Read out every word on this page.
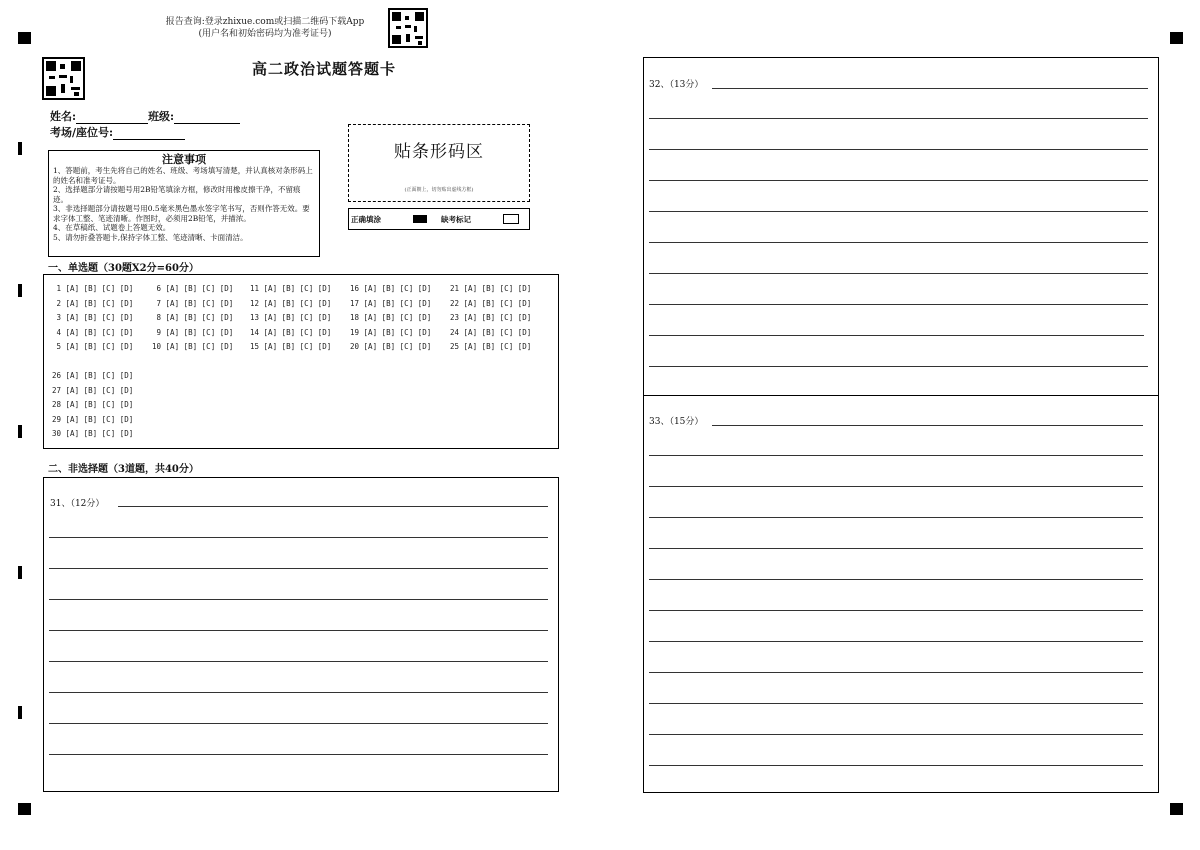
报告查询:登录zhixue.com或扫描二维码下载App
(用户名和初始密码均为准考证号)
高二政治试题答题卡
姓名:	班级:
考场/座位号:
注意事项

1、答题前，考生先将自己的姓名、班级、考场填写清楚，并认真核对条形码上的姓名和准考证号。

2、选择题部分请按题号用2B铅笔填涂方框，修改时用橡皮擦干净，不留痕迹。

3、非选择题部分请按题号用0.5毫米黑色墨水签字笔书写，否则作答无效。要求字体工整、笔迹清晰。作图时，必须用2B铅笔，并描浓。

4、在草稿纸、试题卷上答题无效。

5、请勿折叠答题卡,保持字体工整、笔迹清晰、卡面清洁。

贴条形码区
(正面朝上，切勿贴出虚线方框)
正确填涂	缺考标记
一、单选题（30题X2分=60分）
1 [A] [B] [C] [D]
2 [A] [B] [C] [D]
3 [A] [B] [C] [D]
4 [A] [B] [C] [D]
5 [A] [B] [C] [D]
6 [A] [B] [C] [D]
7 [A] [B] [C] [D]
8 [A] [B] [C] [D]
9 [A] [B] [C] [D]
10 [A] [B] [C] [D]
11 [A] [B] [C] [D]
12 [A] [B] [C] [D]
13 [A] [B] [C] [D]
14 [A] [B] [C] [D]
15 [A] [B] [C] [D]
16 [A] [B] [C] [D]
17 [A] [B] [C] [D]
18 [A] [B] [C] [D]
19 [A] [B] [C] [D]
20 [A] [B] [C] [D]
21 [A] [B] [C] [D]
22 [A] [B] [C] [D]
23 [A] [B] [C] [D]
24 [A] [B] [C] [D]
25 [A] [B] [C] [D]
26 [A] [B] [C] [D]
27 [A] [B] [C] [D]
28 [A] [B] [C] [D]
29 [A] [B] [C] [D]
30 [A] [B] [C] [D]
二、非选择题（3道题，共40分）
31、（12分）
32、（13分）
33、（15分）
